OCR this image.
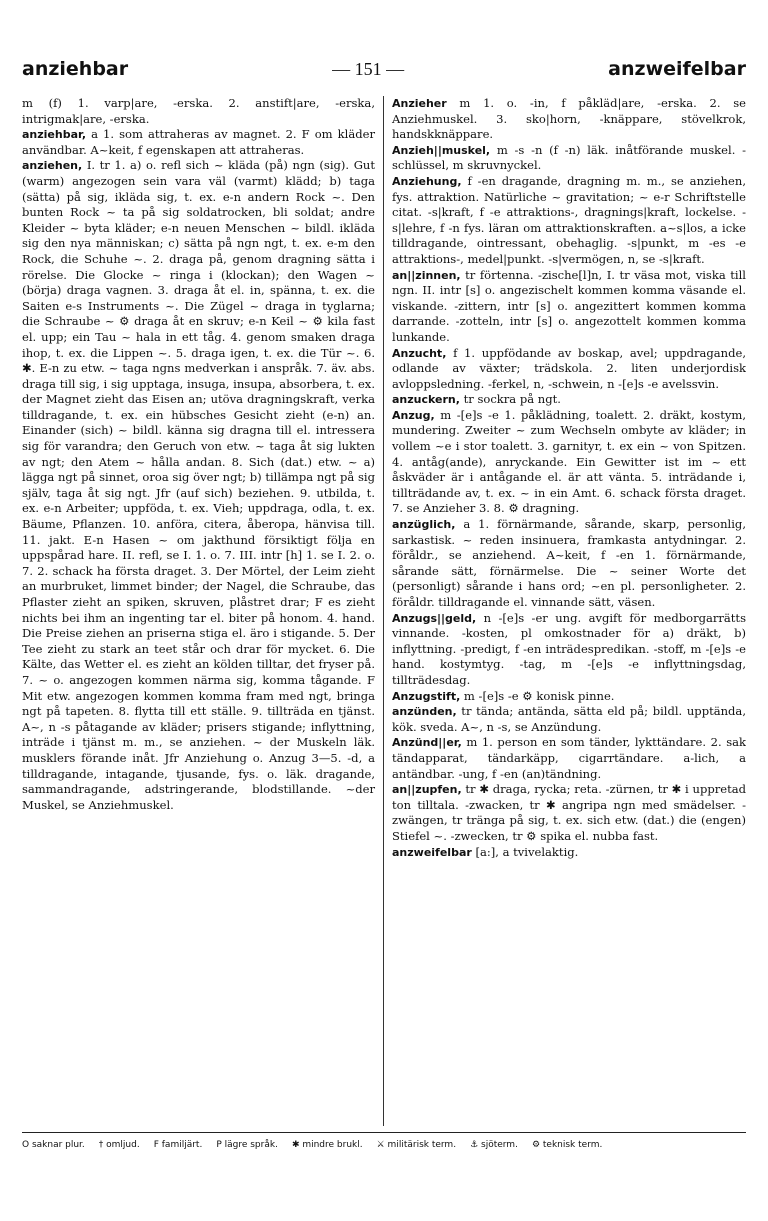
anziehbar	— 151 —	anzweifelbar

m (f) 1. varp|are, -erska. 2. anstift|are, -erska, intrigmak|are, -erska.

anziehbar, a 1. som attraheras av magnet. 2. F om kläder användbar. A~keit, f egenskapen att attraheras.

anziehen, I. tr 1. a) o. refl sich ~ kläda (på) ngn (sig). Gut (warm) angezogen sein vara väl (varmt) klädd; b) taga (sätta) på sig, ikläda sig, t. ex. e-n andern Rock ~. Den bunten Rock ~ ta på sig soldatrocken, bli soldat; andre Kleider ~ byta kläder; e-n neuen Menschen ~ bildl. ikläda sig den nya människan; c) sätta på ngn ngt, t. ex. e-m den Rock, die Schuhe ~. 2. draga på, genom dragning sätta i rörelse. Die Glocke ~ ringa i (klockan); den Wagen ~ (börja) draga vagnen. 3. draga åt el. in, spänna, t. ex. die Saiten e-s Instruments ~. Die Zügel ~ draga in tyglarna; die Schraube ~ ⚙ draga åt en skruv; e-n Keil ~ ⚙ kila fast el. upp; ein Tau ~ hala in ett tåg. 4. genom smaken draga ihop, t. ex. die Lippen ~. 5. draga igen, t. ex. die Tür ~. 6. ✱. E-n zu etw. ~ taga ngns medverkan i anspråk. 7. äv. abs. draga till sig, i sig upptaga, insuga, insupa, absorbera, t. ex. der Magnet zieht das Eisen an; utöva dragningskraft, verka tilldragande, t. ex. ein hübsches Gesicht zieht (e-n) an. Einander (sich) ~ bildl. känna sig dragna till el. intressera sig för varandra; den Geruch von etw. ~ taga åt sig lukten av ngt; den Atem ~ hålla andan. 8. Sich (dat.) etw. ~ a) lägga ngt på sinnet, oroa sig över ngt; b) tillämpa ngt på sig själv, taga åt sig ngt. Jfr (auf sich) beziehen. 9. utbilda, t. ex. e-n Arbeiter; uppföda, t. ex. Vieh; uppdraga, odla, t. ex. Bäume, Pflanzen. 10. anföra, citera, åberopa, hänvisa till. 11. jakt. E-n Hasen ~ om jakthund försiktigt följa en uppspårad hare. II. refl, se I. 1. o. 7. III. intr [h] 1. se I. 2. o. 7. 2. schack ha första draget. 3. Der Mörtel, der Leim zieht an murbruket, limmet binder; der Nagel, die Schraube, das Pflaster zieht an spiken, skruven, plåstret drar; F es zieht nichts bei ihm an ingenting tar el. biter på honom. 4. hand. Die Preise ziehen an priserna stiga el. äro i stigande. 5. Der Tee zieht zu stark an teet står och drar för mycket. 6. Die Kälte, das Wetter el. es zieht an kölden tilltar, det fryser på. 7. ~ o. angezogen kommen närma sig, komma tågande. F Mit etw. angezogen kommen komma fram med ngt, bringa ngt på tapeten. 8. flytta till ett ställe. 9. tillträda en tjänst. A~, n -s påtagande av kläder; prisers stigande; inflyttning, inträde i tjänst m. m., se anziehen. ~ der Muskeln läk. musklers förande inåt. Jfr Anziehung o. Anzug 3—5. -d, a tilldragande, intagande, tjusande, fys. o. läk. dragande, sammandragande, adstringerande, blodstillande. ~der Muskel, se Anziehmuskel.

Anzieher m 1. o. -in, f påkläd|are, -erska. 2. se Anziehmuskel. 3. sko|horn, -knäppare, stövelkrok, handskknäppare.

Anzieh||muskel, m -s -n (f -n) läk. inåtförande muskel. -schlüssel, m skruvnyckel.

Anziehung, f -en dragande, dragning m. m., se anziehen, fys. attraktion. Natürliche ~ gravitation; ~ e-r Schriftstelle citat. -s|kraft, f -e attraktions-, dragnings|kraft, lockelse. -s|lehre, f -n fys. läran om attraktionskraften. a~s|los, a icke tilldragande, ointressant, obehaglig. -s|punkt, m -es -e attraktions-, medel|punkt. -s|vermögen, n, se -s|kraft.

an||zinnen, tr förtenna. -zische[l]n, I. tr väsa mot, viska till ngn. II. intr [s] o. angezischelt kommen komma väsande el. viskande. -zittern, intr [s] o. angezittert kommen komma darrande. -zotteln, intr [s] o. angezottelt kommen komma lunkande.

Anzucht, f 1. uppfödande av boskap, avel; uppdragande, odlande av växter; trädskola. 2. liten underjordisk avloppsledning. -ferkel, n, -schwein, n -[e]s -e avelssvin.

anzuckern, tr sockra på ngt.

Anzug, m -[e]s -e 1. påklädning, toalett. 2. dräkt, kostym, mundering. Zweiter ~ zum Wechseln ombyte av kläder; in vollem ~e i stor toalett. 3. garnityr, t. ex ein ~ von Spitzen. 4. antåg(ande), anryckande. Ein Gewitter ist im ~ ett åskväder är i antågande el. är att vänta. 5. inträdande i, tillträdande av, t. ex. ~ in ein Amt. 6. schack första draget. 7. se Anzieher 3. 8. ⚙ dragning.

anzüglich, a 1. förnärmande, sårande, skarp, personlig, sarkastisk. ~ reden insinuera, framkasta antydningar. 2. föråldr., se anziehend. A~keit, f -en 1. förnärmande, sårande sätt, förnärmelse. Die ~ seiner Worte det (personligt) sårande i hans ord; ~en pl. personligheter. 2. föråldr. tilldragande el. vinnande sätt, väsen.

Anzugs||geld, n -[e]s -er ung. avgift för medborgarrätts vinnande. -kosten, pl omkostnader för a) dräkt, b) inflyttning. -predigt, f -en inträdespredikan. -stoff, m -[e]s -e hand. kostymtyg. -tag, m -[e]s -e inflyttningsdag, tillträdesdag.

Anzugstift, m -[e]s -e ⚙ konisk pinne.

anzünden, tr tända; antända, sätta eld på; bildl. upptända, kök. sveda. A~, n -s, se Anzündung.

Anzünd||er, m 1. person en som tänder, lykttändare. 2. sak tändapparat, tändarkäpp, cigarrtändare. a-lich, a antändbar. -ung, f -en (an)tändning.

an||zupfen, tr ✱ draga, rycka; reta. -zürnen, tr ✱ i uppretad ton tilltala. -zwacken, tr ✱ angripa ngn med smädelser. -zwängen, tr tränga på sig, t. ex. sich etw. (dat.) die (engen) Stiefel ~. -zwecken, tr ⚙ spika el. nubba fast.

anzweifelbar [a:], a tvivelaktig.

O saknar plur. † omljud. F familjärt. P lägre språk. ✱ mindre brukl. ⚔ militärisk term. ⚓ sjöterm. ⚙ teknisk term.
